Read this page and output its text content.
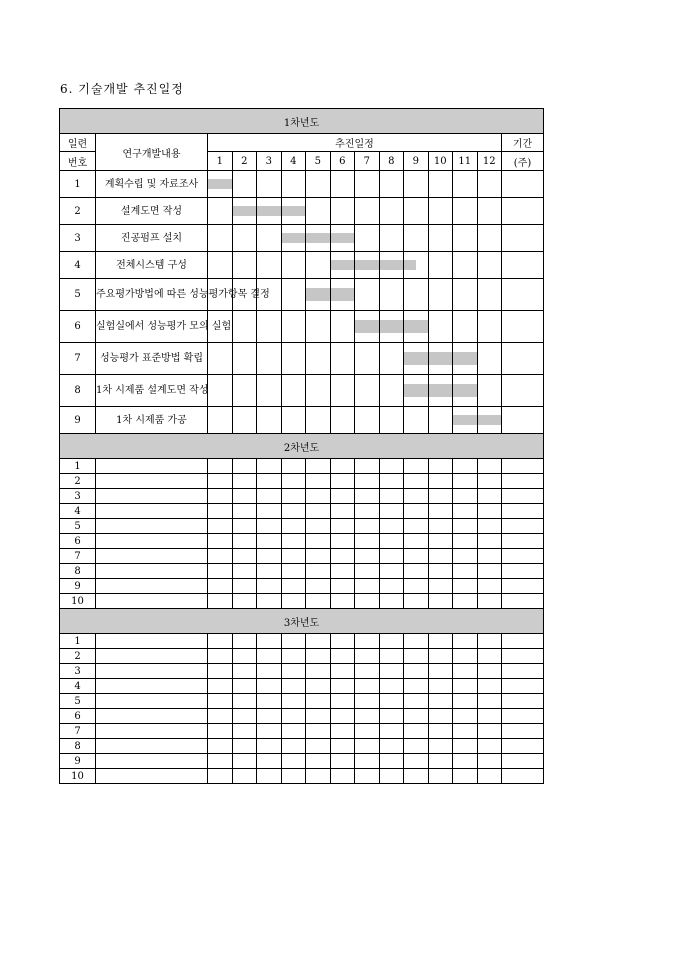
6. 기술개발 추진일정
1차년도														
일련	연구개발내용	추진일정												기간
번호		1	2	3	4	5	6	7	8	9	10	11	12	(주)
1	계획수립 및 자료조사	

2	설계도면 작성		

3	진공펌프 설치				

4	전체시스템 구성						

5	주요평가방법에 따른 성능평가항목 결정					

6	실험실에서 성능평가 모의 실험							

7	성능평가 표준방법 확립									

8	1차 시제품 설계도면 작성									

9	1차 시제품 가공											

2차년도														
1														
2														
3														
4														
5														
6														
7														
8														
9														
10														
3차년도														
1														
2														
3														
4														
5														
6														
7														
8														
9														
10														
